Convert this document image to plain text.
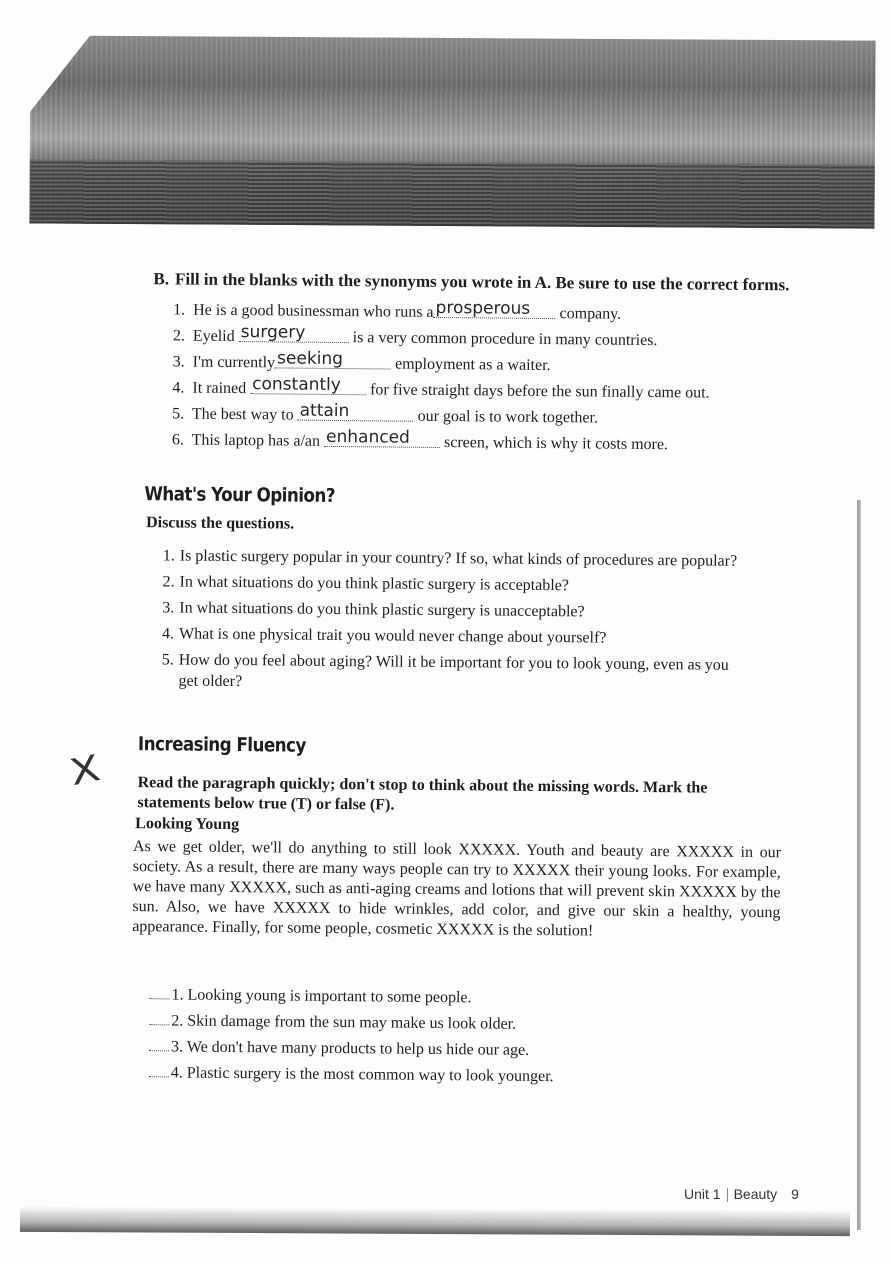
B. Fill in the blanks with the synonyms you wrote in A. Be sure to use the correct forms.
1. He is a good businessman who runs a prosperous company.
2. Eyelid surgery	is a very common procedure in many countries.
3. I'm currently seeking	employment as a waiter.
4. It rained constantly for five straight days before the sun finally came out.
5. The best way to attain	our goal is to work together.
6. This laptop has a/an enhanced screen, which is why it costs more.
What's Your Opinion?
Discuss the questions.
1. Is plastic surgery popular in your country? If so, what kinds of procedures are popular?
2. In what situations do you think plastic surgery is acceptable?
3. In what situations do you think plastic surgery is unacceptable?
4. What is one physical trait you would never change about yourself?
5. How do you feel about aging? Will it be important for you to look young, even as you get older?
Increasing Fluency
X Read the paragraph quickly; don't stop to think about the missing words. Mark the statements below true (T) or false (F).
Looking Young
As we get older, we'll do anything to still look XXXXX. Youth and beauty are XXXXX in our society. As a result, there are many ways people can try to XXXXX their young looks. For example, we have many XXXXX, such as anti-aging creams and lotions that will prevent skin XXXXX by the sun. Also, we have XXXXX to hide wrinkles, add color, and give our skin a healthy, young appearance. Finally, for some people, cosmetic XXXXX is the solution!
1. Looking young is important to some people.
2. Skin damage from the sun may make us look older.
3. We don't have many products to help us hide our age.
4. Plastic surgery is the most common way to look younger.
Unit 1 Beauty 9
